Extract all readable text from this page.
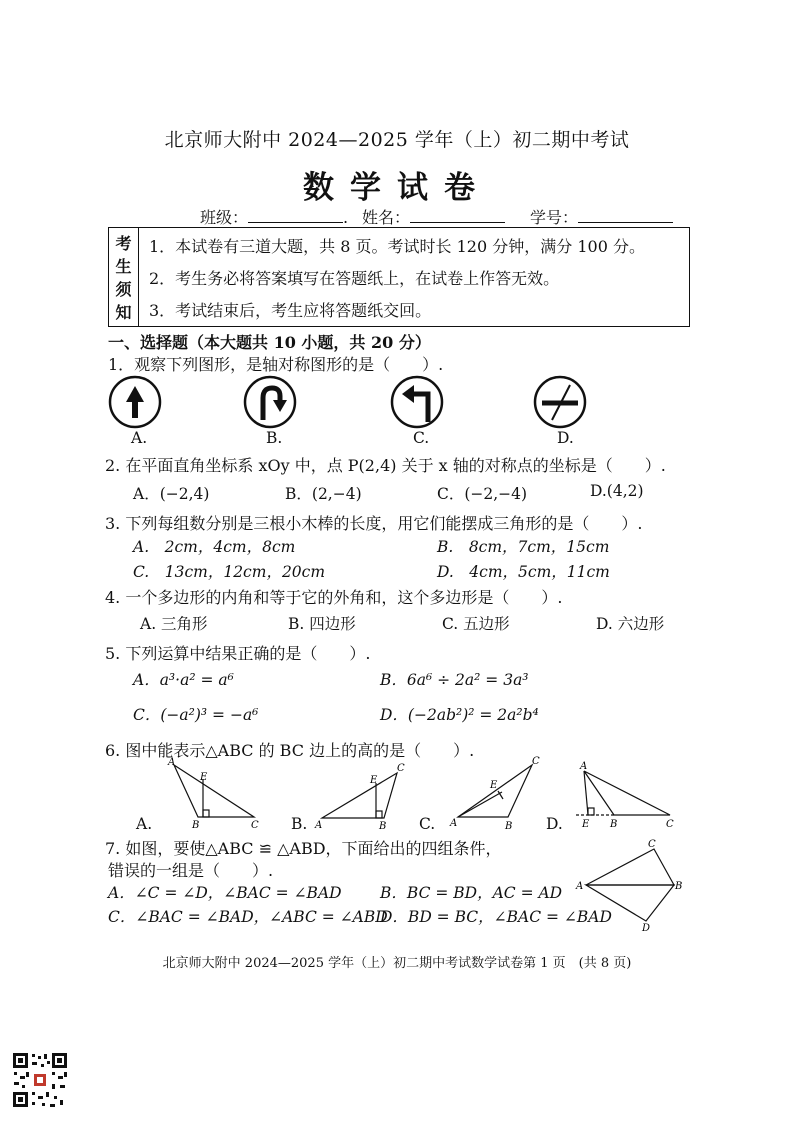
北京师大附中 2024—2025 学年（上）初二期中考试
数学试卷
班级：	. 姓名：	学号：
考
生
须
知
1．本试卷有三道大题，共 8 页。考试时长 120 分钟，满分 100 分。
2．考生务必将答案填写在答题纸上，在试卷上作答无效。
3．考试结束后，考生应将答题纸交回。
一、选择题（本大题共 10 小题，共 20 分）
1．观察下列图形，是轴对称图形的是（　　）.
A.	B.	C.	D.
2. 在平面直角坐标系 xOy 中，点 P(2,4) 关于 x 轴的对称点的坐标是（　　）.
A．(−2,4)	B．(2,−4)	C．(−2,−4)	D.(4,2)
3. 下列每组数分别是三根小木棒的长度，用它们能摆成三角形的是（　　）.
A.　2cm，4cm，8cm	B.　8cm，7cm，15cm
C.　13cm，12cm，20cm	D.　4cm，5cm，11cm
4. 一个多边形的内角和等于它的外角和，这个多边形是（　　）.
A. 三角形	B. 四边形	C. 五边形	D. 六边形
5. 下列运算中结果正确的是（　　）.
A．a³·a² = a⁶	B．6a⁶ ÷ 2a² = 3a³
C．(−a²)³ = −a⁶	D．(−2ab²)² = 2a²b⁴
6. 图中能表示△ABC 的 BC 边上的高的是（　　）.
A
E
B	C	A
E
B
C
A
E
B
C	A
E B	C
A.	B.	C.	D.
7. 如图，要使△ABC ≌ △ABD，下面给出的四组条件，
错误的一组是（　　）.
A．∠C = ∠D，∠BAC = ∠BAD B．BC = BD，AC = AD
C．∠BAC = ∠BAD，∠ABC = ∠ABD
D．BD = BC，∠BAC = ∠BAD
A
C
B
D
北京师大附中 2024—2025 学年（上）初二期中考试数学试卷第 1 页　(共 8 页)
